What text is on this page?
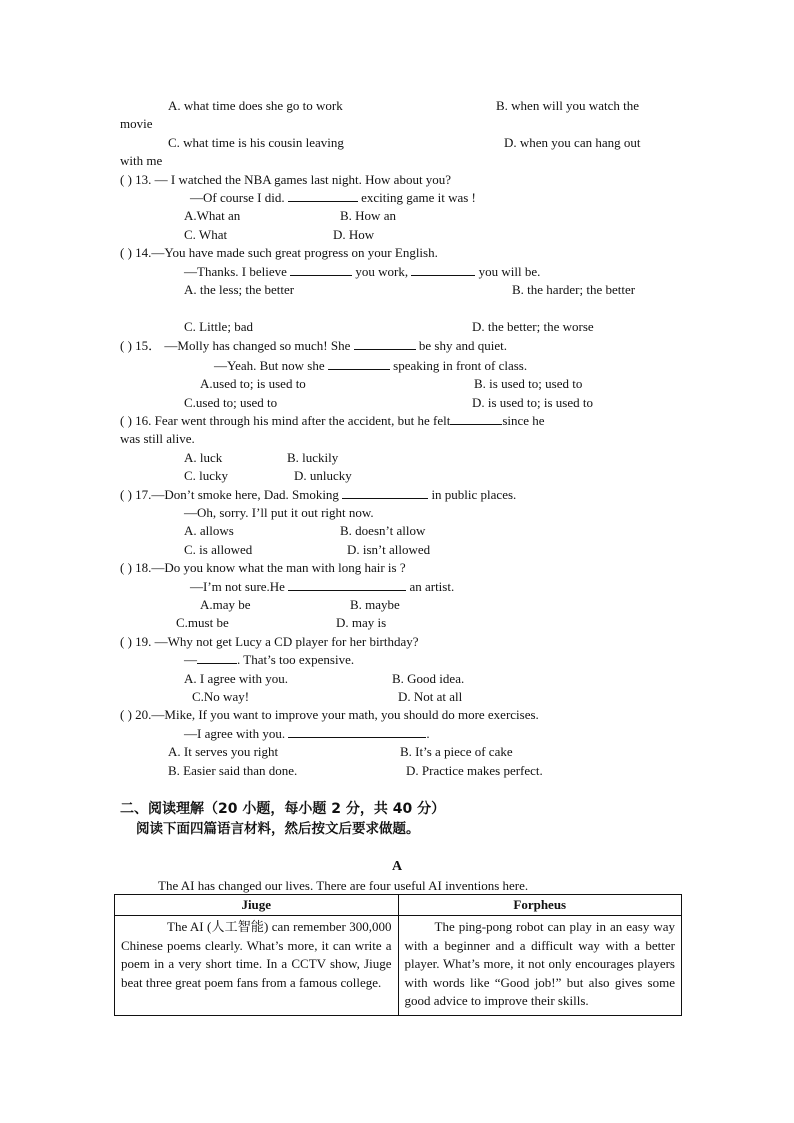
A. what time does she go to work	B. when will you watch the
movie
C. what time is his cousin leaving	D. when you can hang out
with me
( ) 13. — I watched the NBA games last night. How about you?
—Of course I did.	exciting game it was !
A.What an	B. How an
C. What	D. How
( ) 14.—You have made such great progress on your English.
—Thanks. I believe	you work,	you will be.
A. the less; the better	B. the harder; the better
C. Little; bad	D. the better; the worse
( ) 15． —Molly has changed so much! She	be shy and quiet.
—Yeah. But now she	speaking in front of class.
A.used to; is used to	B. is used to; used to
C.used to; used to	D. is used to; is used to
( ) 16. Fear went through his mind after the accident, but he felt	since he
was still alive.
A. luck	B. luckily
C. lucky	D. unlucky
( ) 17.—Don’t smoke here, Dad. Smoking	in public places.
—Oh, sorry. I’ll put it out right now.
A. allows	B. doesn’t allow
C. is allowed	D. isn’t allowed
( ) 18.—Do you know what the man with long hair is ?
—I’m not sure.He	an artist.
A.may be	B. maybe
C.must be	D. may is
( ) 19. —Why not get Lucy a CD player for her birthday?
—	. That’s too expensive.
A. I agree with you.	B. Good idea.
C.No way!	D. Not at all
( ) 20.—Mike, If you want to improve your math, you should do more exercises.
—I agree with you.	.
A. It serves you right	B. It’s a piece of cake
B. Easier said than done.	D. Practice makes perfect.
二、阅读理解（20 小题，每小题 2 分，共 40 分）
阅读下面四篇语言材料，然后按文后要求做题。
A
The AI has changed our lives. There are four useful AI inventions here.
Jiuge	Forpheus

The AI (人工智能) can remember 300,000 Chinese poems clearly. What’s more, it can write a poem in a very short time. In a CCTV show, Jiuge beat three great poem fans from a famous college.	The ping-pong robot can play in an easy way with a beginner and a difficult way with a better player. What’s more, it not only encourages players with words like “Good job!” but also gives some good advice to improve their skills.
